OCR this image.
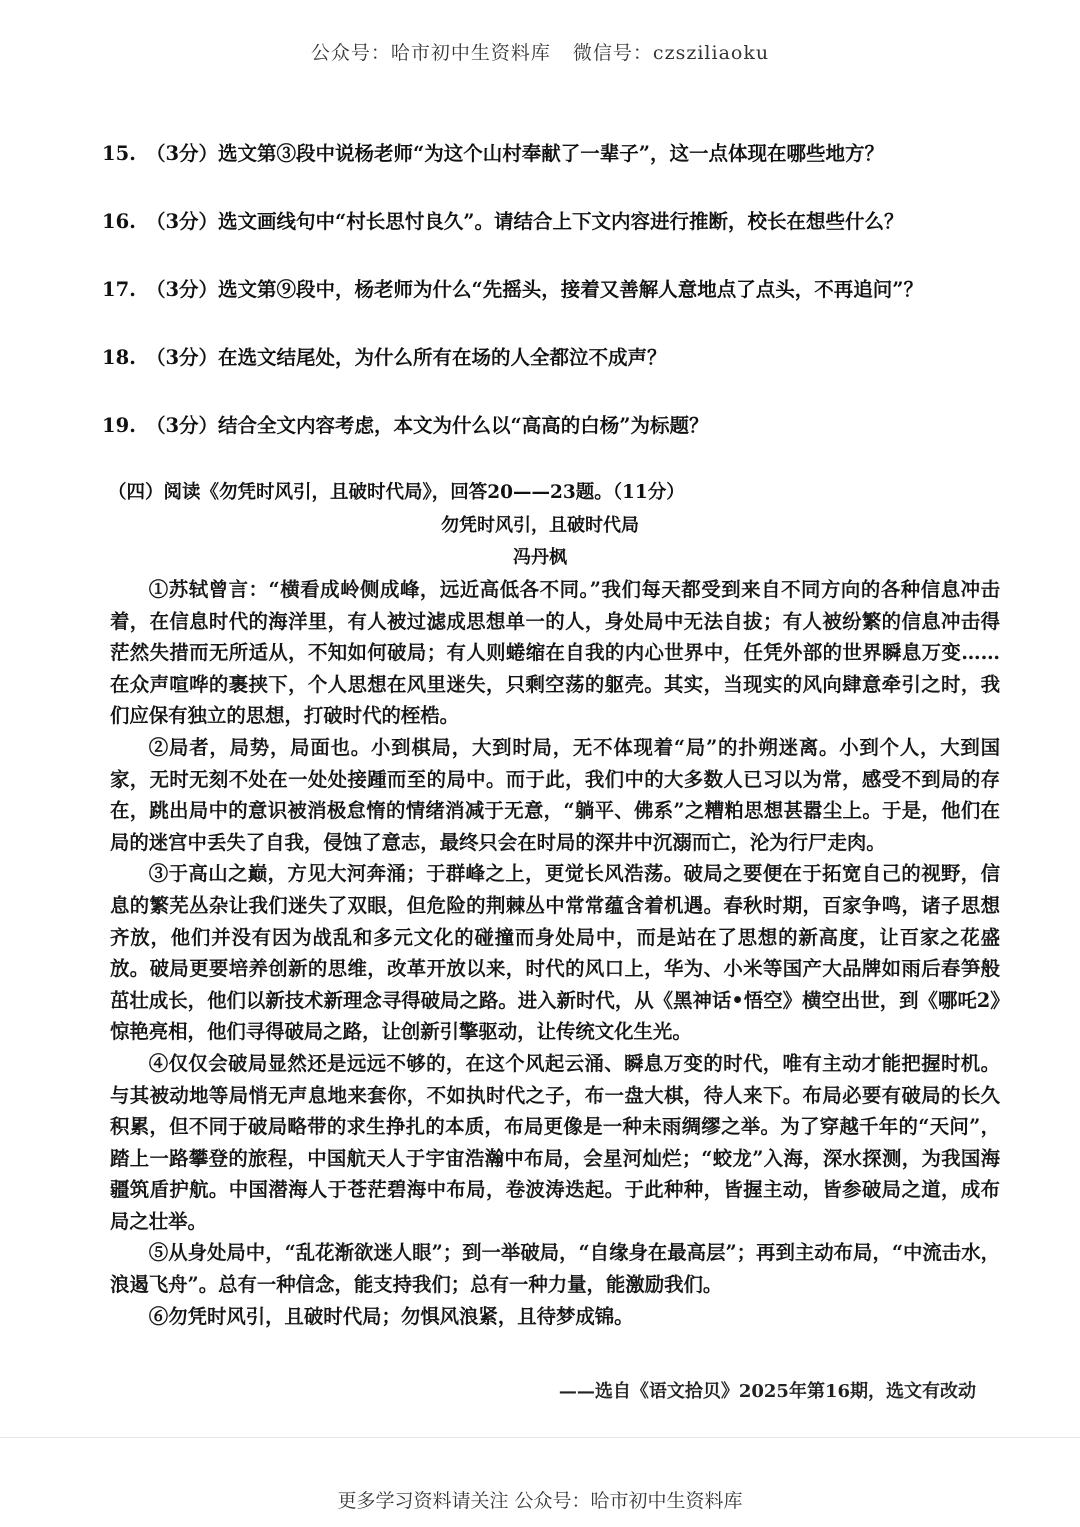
公众号：哈市初中生资料库 微信号：czsziliaoku
15. （3分）选文第③段中说杨老师“为这个山村奉献了一辈子”，这一点体现在哪些地方？
16. （3分）选文画线句中“村长思忖良久”。请结合上下文内容进行推断，校长在想些什么？
17. （3分）选文第⑨段中，杨老师为什么“先摇头，接着又善解人意地点了点头，不再追问”？
18. （3分）在选文结尾处，为什么所有在场的人全都泣不成声？
19. （3分）结合全文内容考虑，本文为什么以“高高的白杨”为标题？
（四）阅读《勿凭时风引，且破时代局》，回答20——23题。（11分）
勿凭时风引，且破时代局
冯丹枫

①苏轼曾言：“横看成岭侧成峰，远近高低各不同。”我们每天都受到来自不同方向的各种信息冲击着，在信息时代的海洋里，有人被过滤成思想单一的人，身处局中无法自拔；有人被纷繁的信息冲击得茫然失措而无所适从，不知如何破局；有人则蜷缩在自我的内心世界中，任凭外部的世界瞬息万变……在众声喧哗的裹挟下，个人思想在风里迷失，只剩空荡的躯壳。其实，当现实的风向肆意牵引之时，我们应保有独立的思想，打破时代的桎梏。

②局者，局势，局面也。小到棋局，大到时局，无不体现着“局”的扑朔迷离。小到个人，大到国家，无时无刻不处在一处处接踵而至的局中。而于此，我们中的大多数人已习以为常，感受不到局的存在，跳出局中的意识被消极怠惰的情绪消减于无意，“躺平、佛系”之糟粕思想甚嚣尘上。于是，他们在局的迷宫中丢失了自我，侵蚀了意志，最终只会在时局的深井中沉溺而亡，沦为行尸走肉。

③于高山之巅，方见大河奔涌；于群峰之上，更觉长风浩荡。破局之要便在于拓宽自己的视野，信息的繁芜丛杂让我们迷失了双眼，但危险的荆棘丛中常常蕴含着机遇。春秋时期，百家争鸣，诸子思想齐放，他们并没有因为战乱和多元文化的碰撞而身处局中，而是站在了思想的新高度，让百家之花盛放。破局更要培养创新的思维，改革开放以来，时代的风口上，华为、小米等国产大品牌如雨后春笋般茁壮成长，他们以新技术新理念寻得破局之路。进入新时代，从《黑神话•悟空》横空出世，到《哪吒2》惊艳亮相，他们寻得破局之路，让创新引擎驱动，让传统文化生光。

④仅仅会破局显然还是远远不够的，在这个风起云涌、瞬息万变的时代，唯有主动才能把握时机。与其被动地等局悄无声息地来套你，不如执时代之子，布一盘大棋，待人来下。布局必要有破局的长久积累，但不同于破局略带的求生挣扎的本质，布局更像是一种未雨绸缪之举。为了穿越千年的“天问”，踏上一路攀登的旅程，中国航天人于宇宙浩瀚中布局，会星河灿烂；“蛟龙”入海，深水探测，为我国海疆筑盾护航。中国潜海人于苍茫碧海中布局，卷波涛迭起。于此种种，皆握主动，皆参破局之道，成布局之壮举。

⑤从身处局中，“乱花渐欲迷人眼”；到一举破局，“自缘身在最高层”；再到主动布局，“中流击水，浪遏飞舟”。总有一种信念，能支持我们；总有一种力量，能激励我们。

⑥勿凭时风引，且破时代局；勿惧风浪紧，且待梦成锦。

——选自《语文拾贝》2025年第16期，选文有改动
更多学习资料请关注 公众号：哈市初中生资料库
